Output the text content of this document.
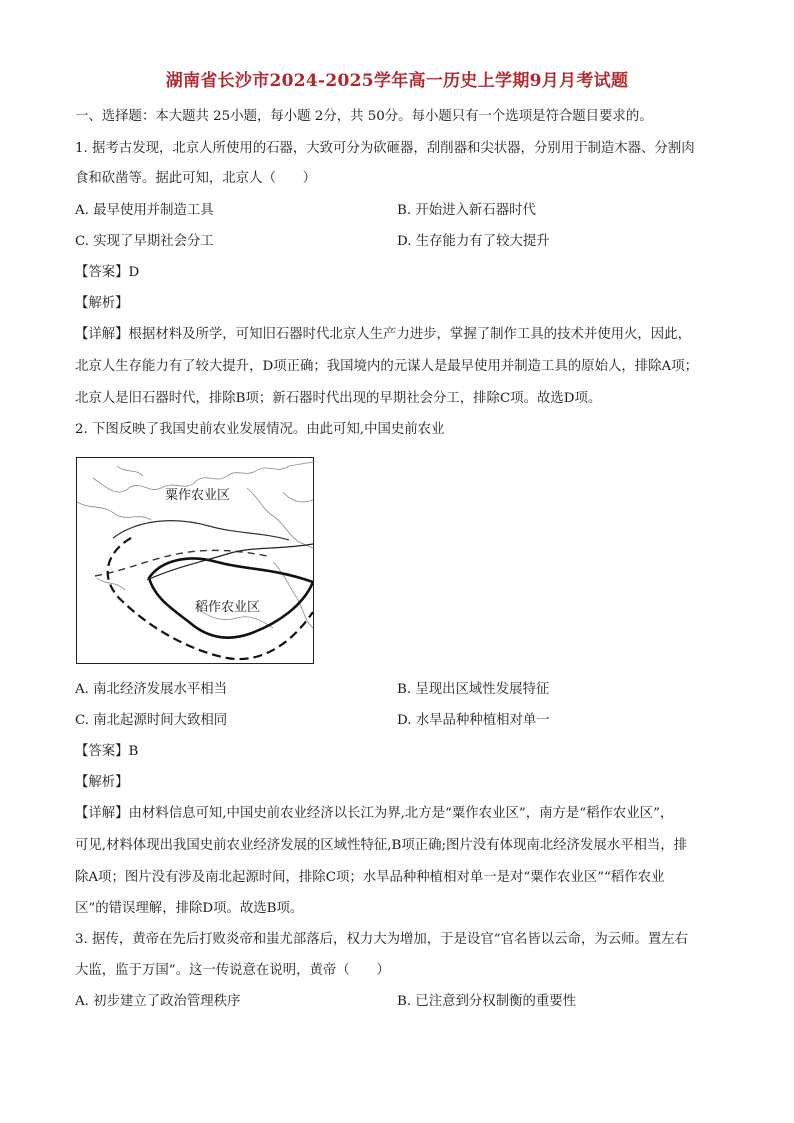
湖南省长沙市2024-2025学年高一历史上学期9月月考试题
一、选择题：本大题共 25小题，每小题 2分，共 50分。每小题只有一个选项是符合题目要求的。
1. 据考古发现，北京人所使用的石器，大致可分为砍砸器，刮削器和尖状器，分别用于制造木器、分割肉
食和砍凿等。据此可知，北京人（　　）
A. 最早使用并制造工具	B. 开始进入新石器时代
C. 实现了早期社会分工	D. 生存能力有了较大提升
【答案】D
【解析】
【详解】根据材料及所学，可知旧石器时代北京人生产力进步，掌握了制作工具的技术并使用火，因此，
北京人生存能力有了较大提升，D项正确；我国境内的元谋人是最早使用并制造工具的原始人，排除A项；
北京人是旧石器时代，排除B项；新石器时代出现的早期社会分工，排除C项。故选D项。
2. 下图反映了我国史前农业发展情况。由此可知,中国史前农业
粟作农业区
稻作农业区
A. 南北经济发展水平相当	B. 呈现出区域性发展特征
C. 南北起源时间大致相同	D. 水旱品种种植相对单一
【答案】B
【解析】
【详解】由材料信息可知,中国史前农业经济以长江为界,北方是“粟作农业区”，南方是“稻作农业区”，
可见,材料体现出我国史前农业经济发展的区域性特征,B项正确;图片没有体现南北经济发展水平相当，排
除A项；图片没有涉及南北起源时间，排除C项；水旱品种种植相对单一是对“粟作农业区”“稻作农业
区”的错误理解，排除D项。故选B项。
3. 据传，黄帝在先后打败炎帝和蚩尤部落后，权力大为增加，于是设官“官名皆以云命，为云师。置左右
大监，监于万国”。这一传说意在说明，黄帝（　　）
A. 初步建立了政治管理秩序	B. 已注意到分权制衡的重要性
